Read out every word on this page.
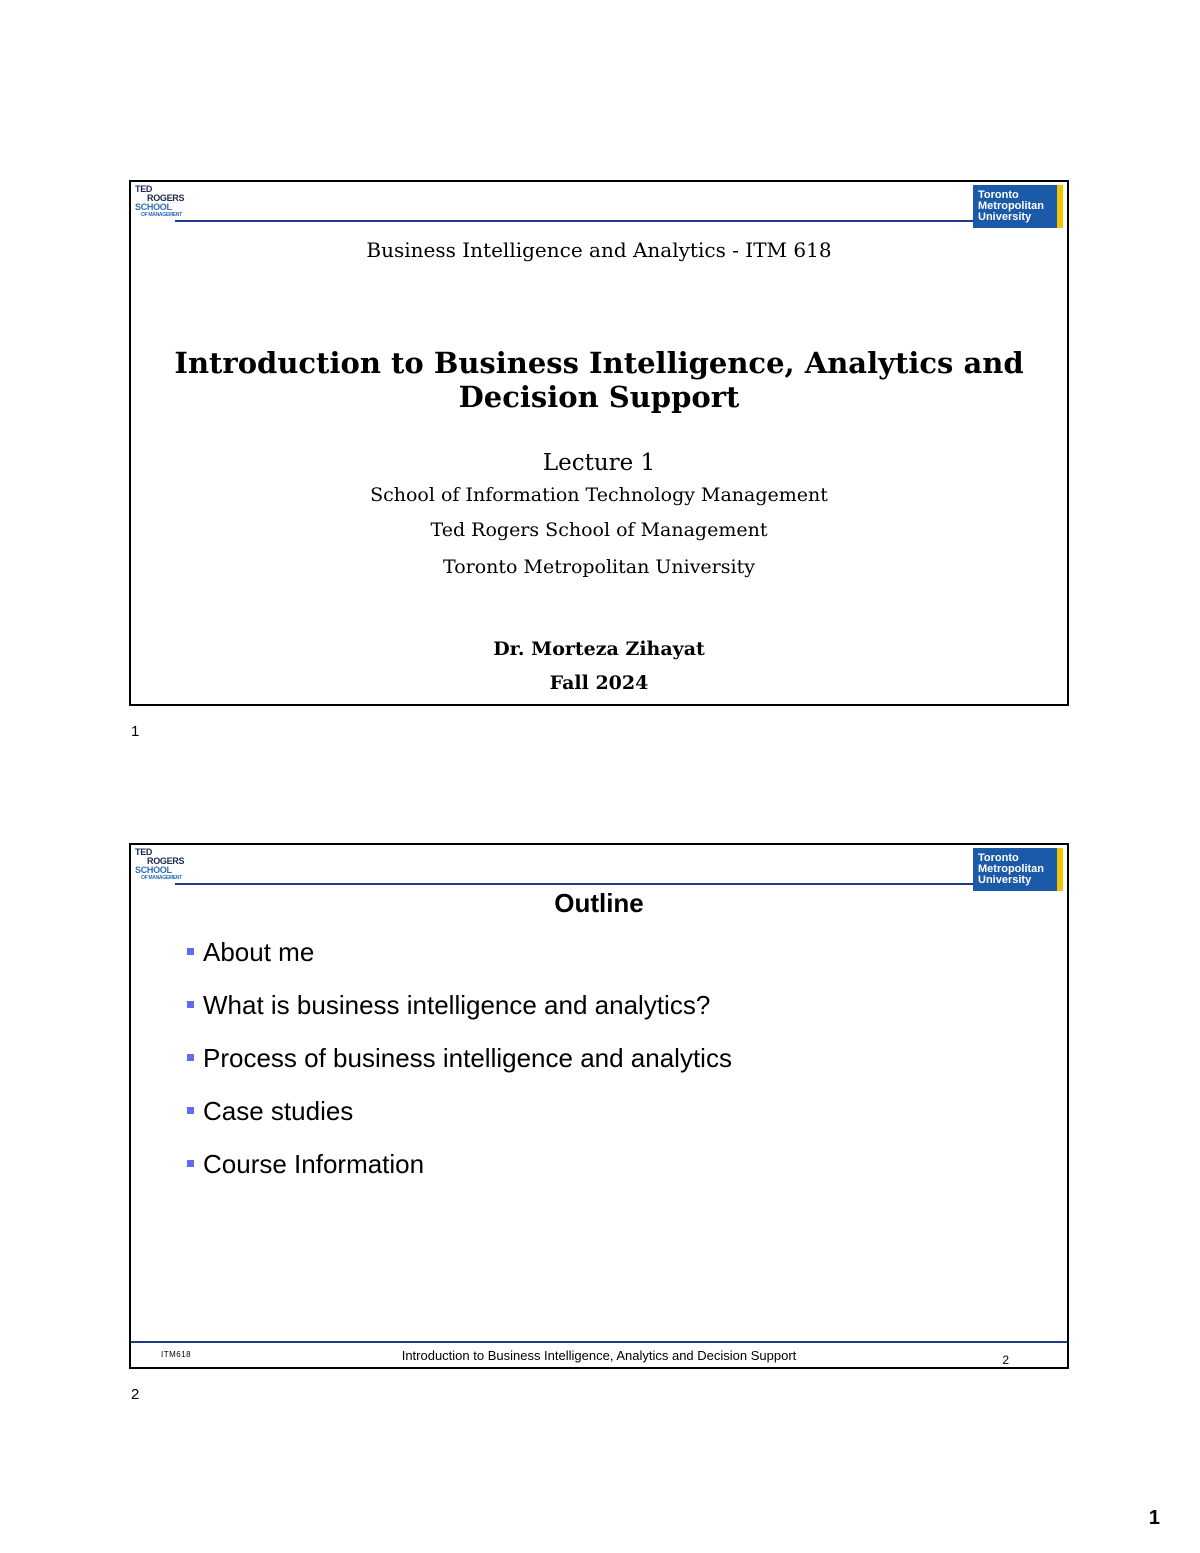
TED
ROGERS
SCHOOL
OF MANAGEMENT
Toronto
Metropolitan
University
Business Intelligence and Analytics - ITM 618
Introduction to Business Intelligence, Analytics and Decision Support
Lecture 1
School of Information Technology Management
Ted Rogers School of Management
Toronto Metropolitan University
Dr. Morteza Zihayat
Fall 2024
1
TED
ROGERS
SCHOOL
OF MANAGEMENT
Toronto
Metropolitan
University
Outline
About me
What is business intelligence and analytics?
Process of business intelligence and analytics
Case studies
Course Information
ITM618	Introduction to Business Intelligence, Analytics and Decision Support	2
2
1
